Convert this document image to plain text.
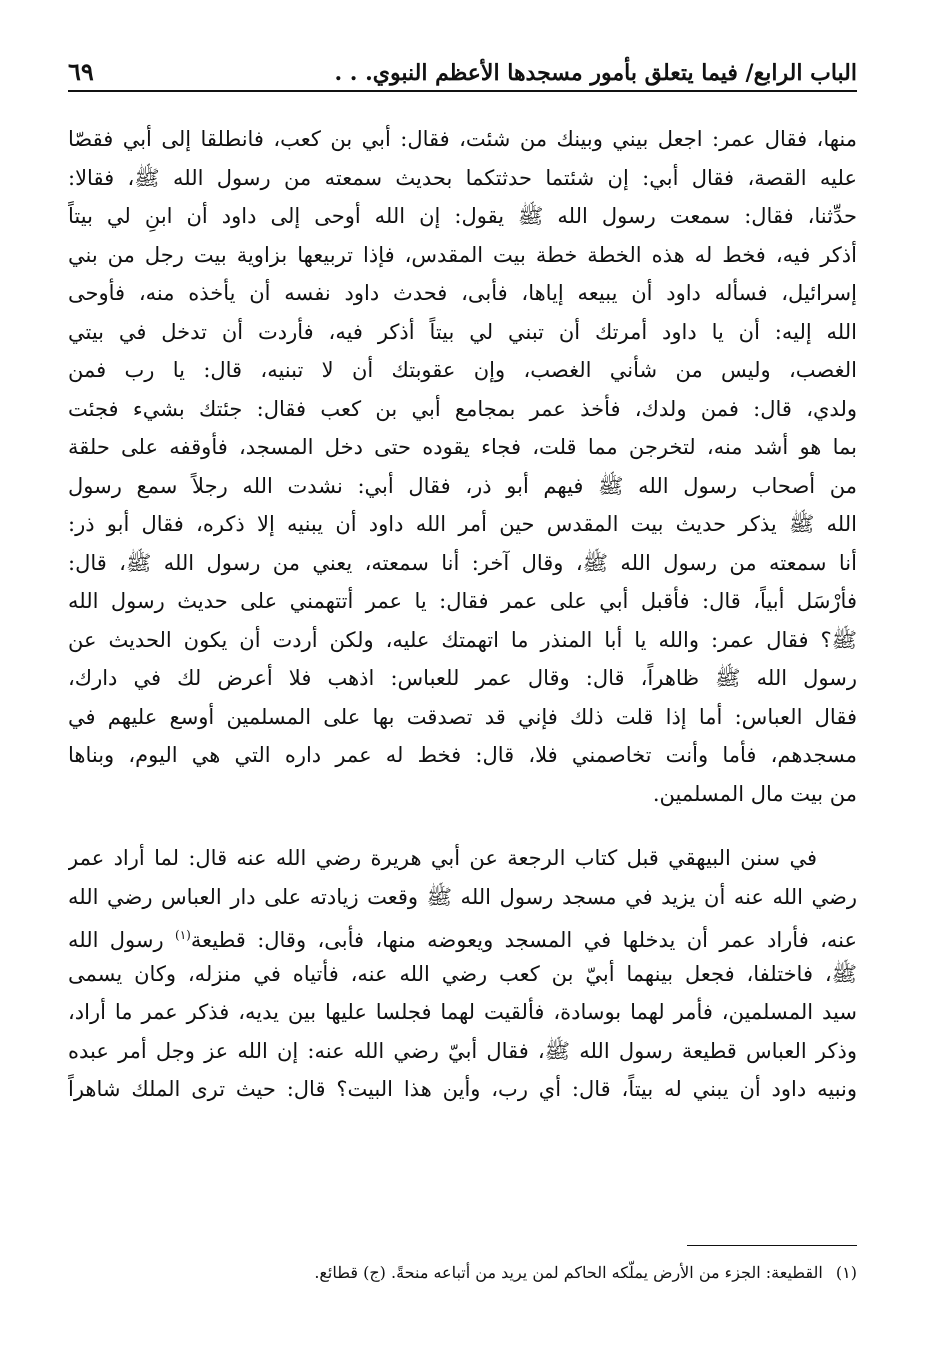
الباب الرابع/ فيما يتعلق بأمور مسجدها الأعظم النبوي. . .
٦٩
منها، فقال عمر: اجعل بيني وبينك من شئت، فقال: أبي بن كعب، فانطلقا إلى أبي فقصّا
عليه القصة، فقال أبي: إن شئتما حدثتكما بحديث سمعته من رسول الله ﷺ، فقالا:
حدِّثنا، فقال: سمعت رسول الله ﷺ يقول: إن الله أوحى إلى داود أن ابنِ لي بيتاً
أذكر فيه، فخط له هذه الخطة خطة بيت المقدس، فإذا تربيعها بزاوية بيت رجل من بني
إسرائيل، فسأله داود أن يبيعه إياها، فأبى، فحدث داود نفسه أن يأخذه منه، فأوحى
الله إليه: أن يا داود أمرتك أن تبني لي بيتاً أذكر فيه، فأردت أن تدخل في بيتي
الغصب، وليس من شأني الغصب، وإن عقوبتك أن لا تبنيه، قال: يا رب فمن
ولدي، قال: فمن ولدك، فأخذ عمر بمجامع أبي بن كعب فقال: جئتك بشيء فجئت
بما هو أشد منه، لتخرجن مما قلت، فجاء يقوده حتى دخل المسجد، فأوقفه على حلقة
من أصحاب رسول الله ﷺ فيهم أبو ذر، فقال أبي: نشدت الله رجلاً سمع رسول
الله ﷺ يذكر حديث بيت المقدس حين أمر الله داود أن يبنيه إلا ذكره، فقال أبو ذر:
أنا سمعته من رسول الله ﷺ، وقال آخر: أنا سمعته، يعني من رسول الله ﷺ، قال:
فأرْسَل أبياً، قال: فأقبل أبي على عمر فقال: يا عمر أتتهمني على حديث رسول الله
ﷺ؟ فقال عمر: والله يا أبا المنذر ما اتهمتك عليه، ولكن أردت أن يكون الحديث عن
رسول الله ﷺ ظاهراً، قال: وقال عمر للعباس: اذهب فلا أعرض لك في دارك،
فقال العباس: أما إذا قلت ذلك فإني قد تصدقت بها على المسلمين أوسع عليهم في
مسجدهم، فأما وأنت تخاصمني فلا، قال: فخط له عمر داره التي هي اليوم، وبناها
من بيت مال المسلمين.
في سنن البيهقي قبل كتاب الرجعة عن أبي هريرة رضي الله عنه قال: لما أراد عمر
رضي الله عنه أن يزيد في مسجد رسول الله ﷺ وقعت زيادته على دار العباس رضي الله
عنه، فأراد عمر أن يدخلها في المسجد ويعوضه منها، فأبى، وقال: قطيعة$^{(١)}$ رسول الله
ﷺ، فاختلفا، فجعل بينهما أبيّ بن كعب رضي الله عنه، فأتياه في منزله، وكان يسمى
سيد المسلمين، فأمر لهما بوسادة، فألقيت لهما فجلسا عليها بين يديه، فذكر عمر ما أراد،
وذكر العباس قطيعة رسول الله ﷺ، فقال أبيّ رضي الله عنه: إن الله عز وجل أمر عبده
ونبيه داود أن يبني له بيتاً، قال: أي رب، وأين هذا البيت؟ قال: حيث ترى الملك شاهراً
(١) القطيعة: الجزء من الأرض يملّكه الحاكم لمن يريد من أتباعه منحةً. (ج) قطائع.
